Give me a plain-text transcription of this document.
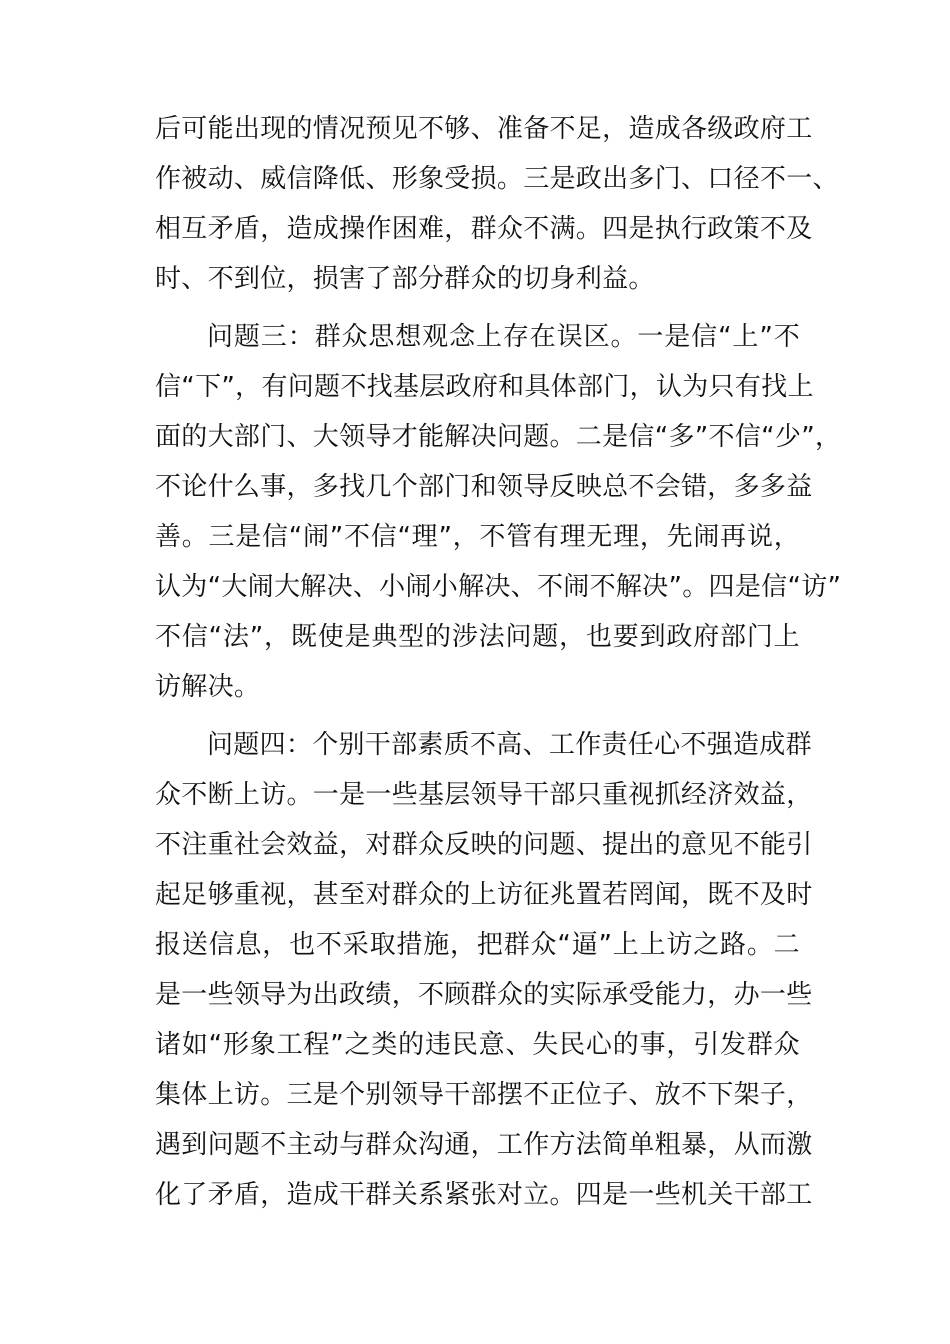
后可能出现的情况预见不够、准备不足，造成各级政府工
作被动、威信降低、形象受损。三是政出多门、口径不一、
相互矛盾，造成操作困难，群众不满。四是执行政策不及
时、不到位，损害了部分群众的切身利益。
问题三：群众思想观念上存在误区。一是信“上”不
信“下”，有问题不找基层政府和具体部门，认为只有找上
面的大部门、大领导才能解决问题。二是信“多”不信“少”，
不论什么事，多找几个部门和领导反映总不会错，多多益
善。三是信“闹”不信“理”，不管有理无理，先闹再说，
认为“大闹大解决、小闹小解决、不闹不解决”。四是信“访”
不信“法”，既使是典型的涉法问题，也要到政府部门上
访解决。
问题四：个别干部素质不高、工作责任心不强造成群
众不断上访。一是一些基层领导干部只重视抓经济效益，
不注重社会效益，对群众反映的问题、提出的意见不能引
起足够重视，甚至对群众的上访征兆置若罔闻，既不及时
报送信息，也不采取措施，把群众“逼”上上访之路。二
是一些领导为出政绩，不顾群众的实际承受能力，办一些
诸如“形象工程”之类的违民意、失民心的事，引发群众
集体上访。三是个别领导干部摆不正位子、放不下架子，
遇到问题不主动与群众沟通，工作方法简单粗暴，从而激
化了矛盾，造成干群关系紧张对立。四是一些机关干部工
